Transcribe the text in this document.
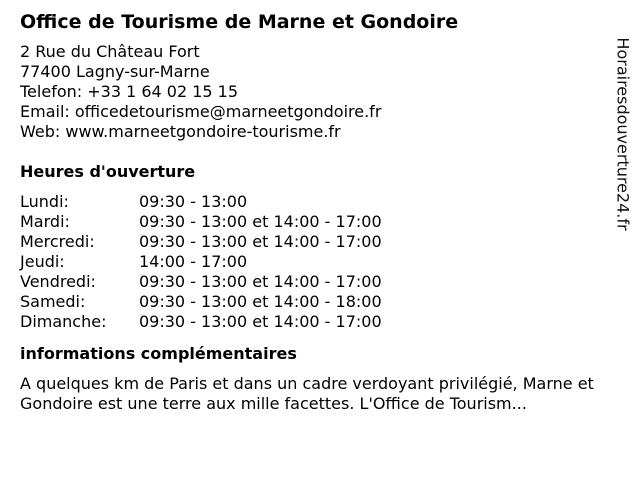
Office de Tourisme de Marne et Gondoire
2 Rue du Château Fort
77400 Lagny-sur-Marne
Telefon: +33 1 64 02 15 15
Email: officedetourisme@marneetgondoire.fr
Web: www.marneetgondoire-tourisme.fr
Heures d'ouverture
Lundi:	09:30 - 13:00
Mardi:	09:30 - 13:00 et 14:00 - 17:00
Mercredi:	09:30 - 13:00 et 14:00 - 17:00
Jeudi:	14:00 - 17:00
Vendredi:	09:30 - 13:00 et 14:00 - 17:00
Samedi:	09:30 - 13:00 et 14:00 - 18:00
Dimanche:	09:30 - 13:00 et 14:00 - 17:00
informations complémentaires
A quelques km de Paris et dans un cadre verdoyant privilégié, Marne et Gondoire est une terre aux mille facettes. L'Office de Tourism...
Horairesdouverture24.fr
